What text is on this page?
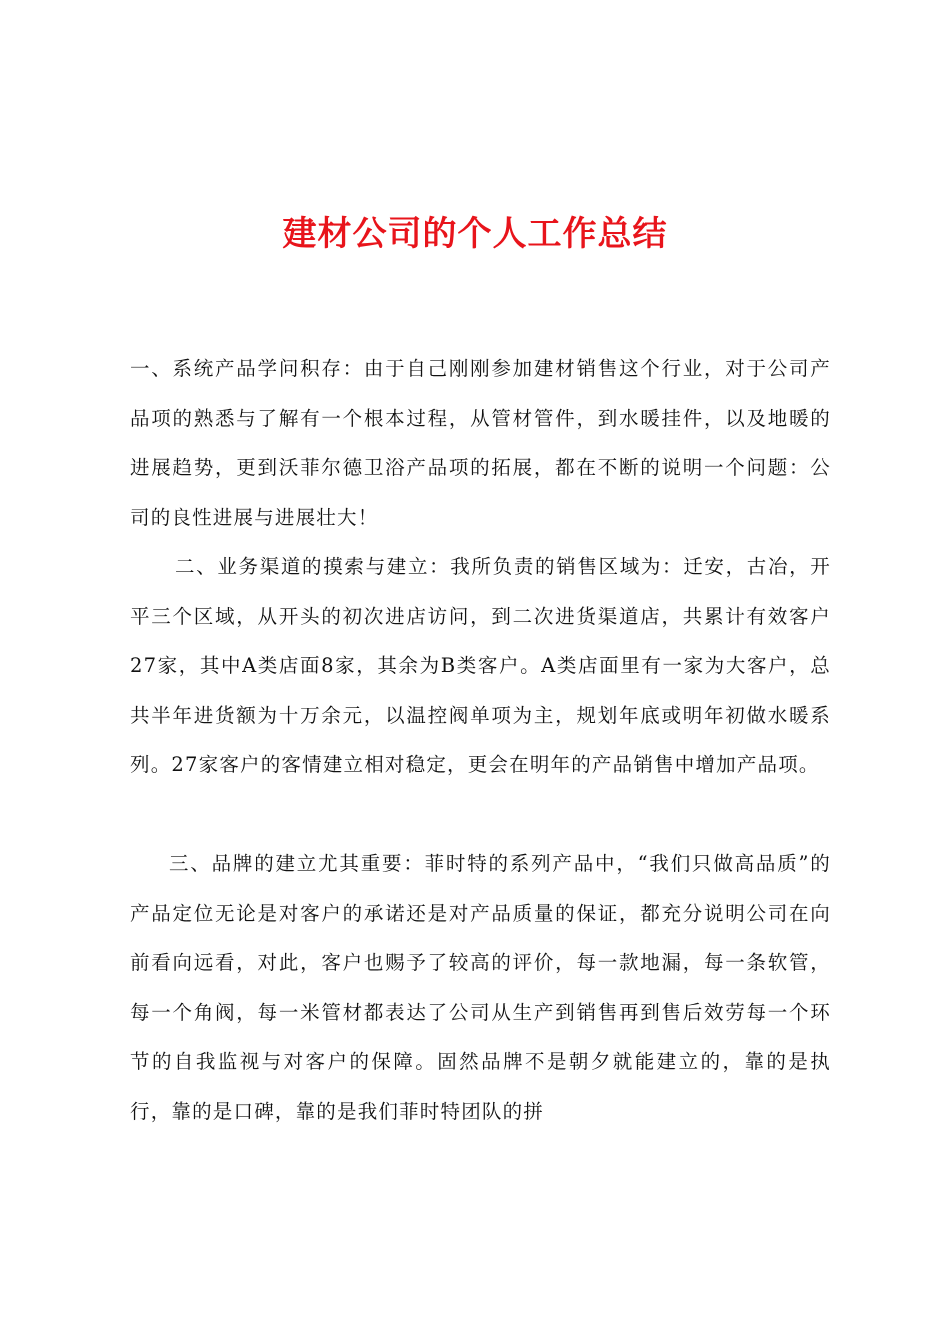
建材公司的个人工作总结

一、系统产品学问积存：由于自己刚刚参加建材销售这个行业，对于公司产品项的熟悉与了解有一个根本过程，从管材管件，到水暖挂件，以及地暖的进展趋势，更到沃菲尔德卫浴产品项的拓展，都在不断的说明一个问题：公司的良性进展与进展壮大！

二、业务渠道的摸索与建立：我所负责的销售区域为：迁安，古冶，开平三个区域，从开头的初次进店访问，到二次进货渠道店，共累计有效客户27家，其中A类店面8家，其余为B类客户。A类店面里有一家为大客户，总共半年进货额为十万余元，以温控阀单项为主，规划年底或明年初做水暖系列。27家客户的客情建立相对稳定，更会在明年的产品销售中增加产品项。

三、品牌的建立尤其重要：菲时特的系列产品中，“我们只做高品质”的产品定位无论是对客户的承诺还是对产品质量的保证，都充分说明公司在向前看向远看，对此，客户也赐予了较高的评价，每一款地漏，每一条软管，每一个角阀，每一米管材都表达了公司从生产到销售再到售后效劳每一个环节的自我监视与对客户的保障。固然品牌不是朝夕就能建立的，靠的是执行，靠的是口碑，靠的是我们菲时特团队的拼
